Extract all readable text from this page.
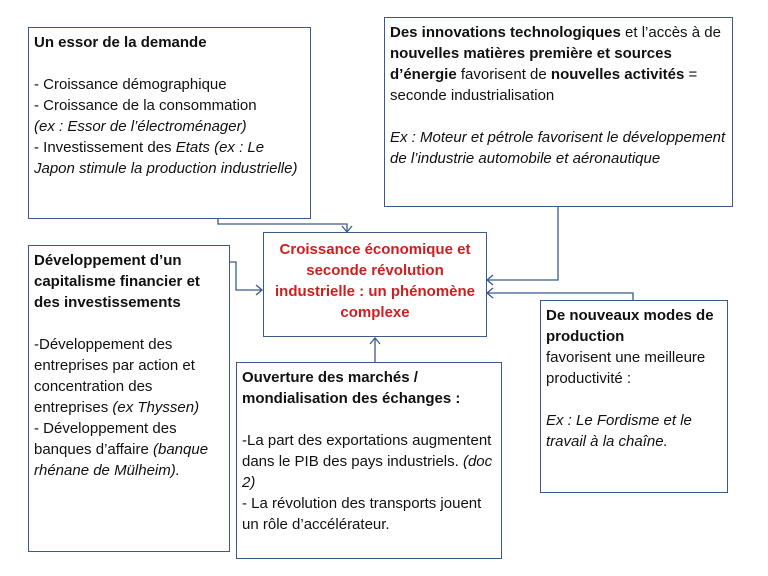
Un essor de la demande

- Croissance démographique

- Croissance de la consommation

(ex : Essor de l’électroménager)

- Investissement des Etats (ex : Le Japon stimule la production industrielle)

Des innovations technologiques et l’accès à de nouvelles matières première et sources d’énergie favorisent de nouvelles activités = seconde industrialisation

Ex : Moteur et pétrole favorisent le développement de l’industrie automobile et aéronautique

Croissance économique et seconde révolution industrielle : un phénomène complexe

Développement d’un capitalisme financier et des investissements

-Développement des entreprises par action et concentration des entreprises (ex Thyssen)

- Développement des banques d’affaire (banque rhénane de Mülheim).

Ouverture des marchés / mondialisation des échanges :

-La part des exportations augmentent dans le PIB des pays industriels. (doc 2)

- La révolution des transports jouent un rôle d’accélérateur.

De nouveaux modes de production

favorisent une meilleure productivité :

Ex : Le Fordisme et le travail à la chaîne.
